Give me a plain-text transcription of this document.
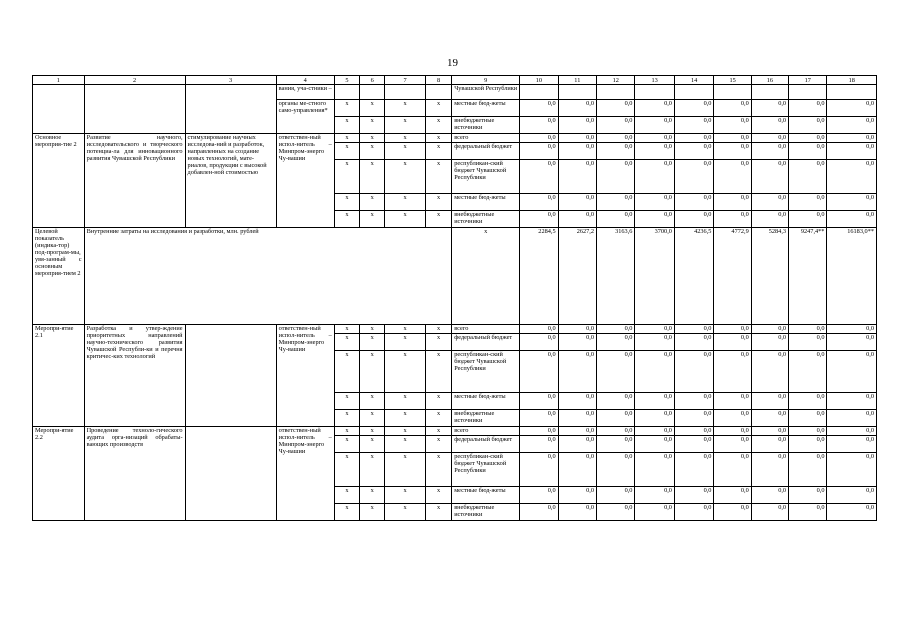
19
1	2	3	4	5	6	7	8	9	10	11	12	13	14	15	16	17	18
			вания, уча-стники –					Чувашской Республики									
			органы ме-стного само-управления*	х	х	х	х	местные бюд-жеты	0,0	0,0	0,0	0,0	0,0	0,0	0,0	0,0	0,0
				х	х	х	х	внебюджетные источники	0,0	0,0	0,0	0,0	0,0	0,0	0,0	0,0	0,0
Основное мероприя-тие 2	Развитие научного, исследовательского и творческого потенциа-ла для инновационного развития Чувашской Республики	стимулирование научных исследова-ний и разработок, направленных на создание новых технологий, мате-риалов, продукции с высокой добавлен-ной стоимостью	ответствен-ный испол-нитель – Минпром-энерго Чу-вашии	х	х	х	х	всего	0,0	0,0	0,0	0,0	0,0	0,0	0,0	0,0	0,0
				х	х	х	х	федеральный бюджет	0,0	0,0	0,0	0,0	0,0	0,0	0,0	0,0	0,0
				х	х	х	х	республикан-ский бюджет Чувашской Республики	0,0	0,0	0,0	0,0	0,0	0,0	0,0	0,0	0,0
				х	х	х	х	местные бюд-жеты	0,0	0,0	0,0	0,0	0,0	0,0	0,0	0,0	0,0
				х	х	х	х	внебюджетные источники	0,0	0,0	0,0	0,0	0,0	0,0	0,0	0,0	0,0
Целевой показатель (индика-тор) под-програм-мы, увя-занный с основным мероприя-тием 2	Внутренние затраты на исследования и разработки, млн. рублей							х	2284,5	2627,2	3163,6	3700,0	4236,5	4772,9	5284,3	9247,4**	16183,0**
Меропри-ятие 2.1	Разработка и утвер-ждение приоритетных направлений научно-технического развития Чувашской Республи-ки и перечня критичес-ких технологий		ответствен-ный испол-нитель – Минпром-энерго Чу-вашии	х	х	х	х	всего	0,0	0,0	0,0	0,0	0,0	0,0	0,0	0,0	0,0
				х	х	х	х	федеральный бюджет	0,0	0,0	0,0	0,0	0,0	0,0	0,0	0,0	0,0
				х	х	х	х	республикан-ский бюджет Чувашской Республики	0,0	0,0	0,0	0,0	0,0	0,0	0,0	0,0	0,0
				х	х	х	х	местные бюд-жеты	0,0	0,0	0,0	0,0	0,0	0,0	0,0	0,0	0,0
				х	х	х	х	внебюджетные источники	0,0	0,0	0,0	0,0	0,0	0,0	0,0	0,0	0,0
Меропри-ятие 2.2	Проведение техноло-гического аудита орга-низаций обрабаты-вающих производств		ответствен-ный испол-нитель – Минпром-энерго Чу-вашии	х	х	х	х	всего	0,0	0,0	0,0	0,0	0,0	0,0	0,0	0,0	0,0
				х	х	х	х	федеральный бюджет	0,0	0,0	0,0	0,0	0,0	0,0	0,0	0,0	0,0
				х	х	х	х	республикан-ский бюджет Чувашской Республики	0,0	0,0	0,0	0,0	0,0	0,0	0,0	0,0	0,0
				х	х	х	х	местные бюд-жеты	0,0	0,0	0,0	0,0	0,0	0,0	0,0	0,0	0,0
				х	х	х	х	внебюджетные источники	0,0	0,0	0,0	0,0	0,0	0,0	0,0	0,0	0,0
